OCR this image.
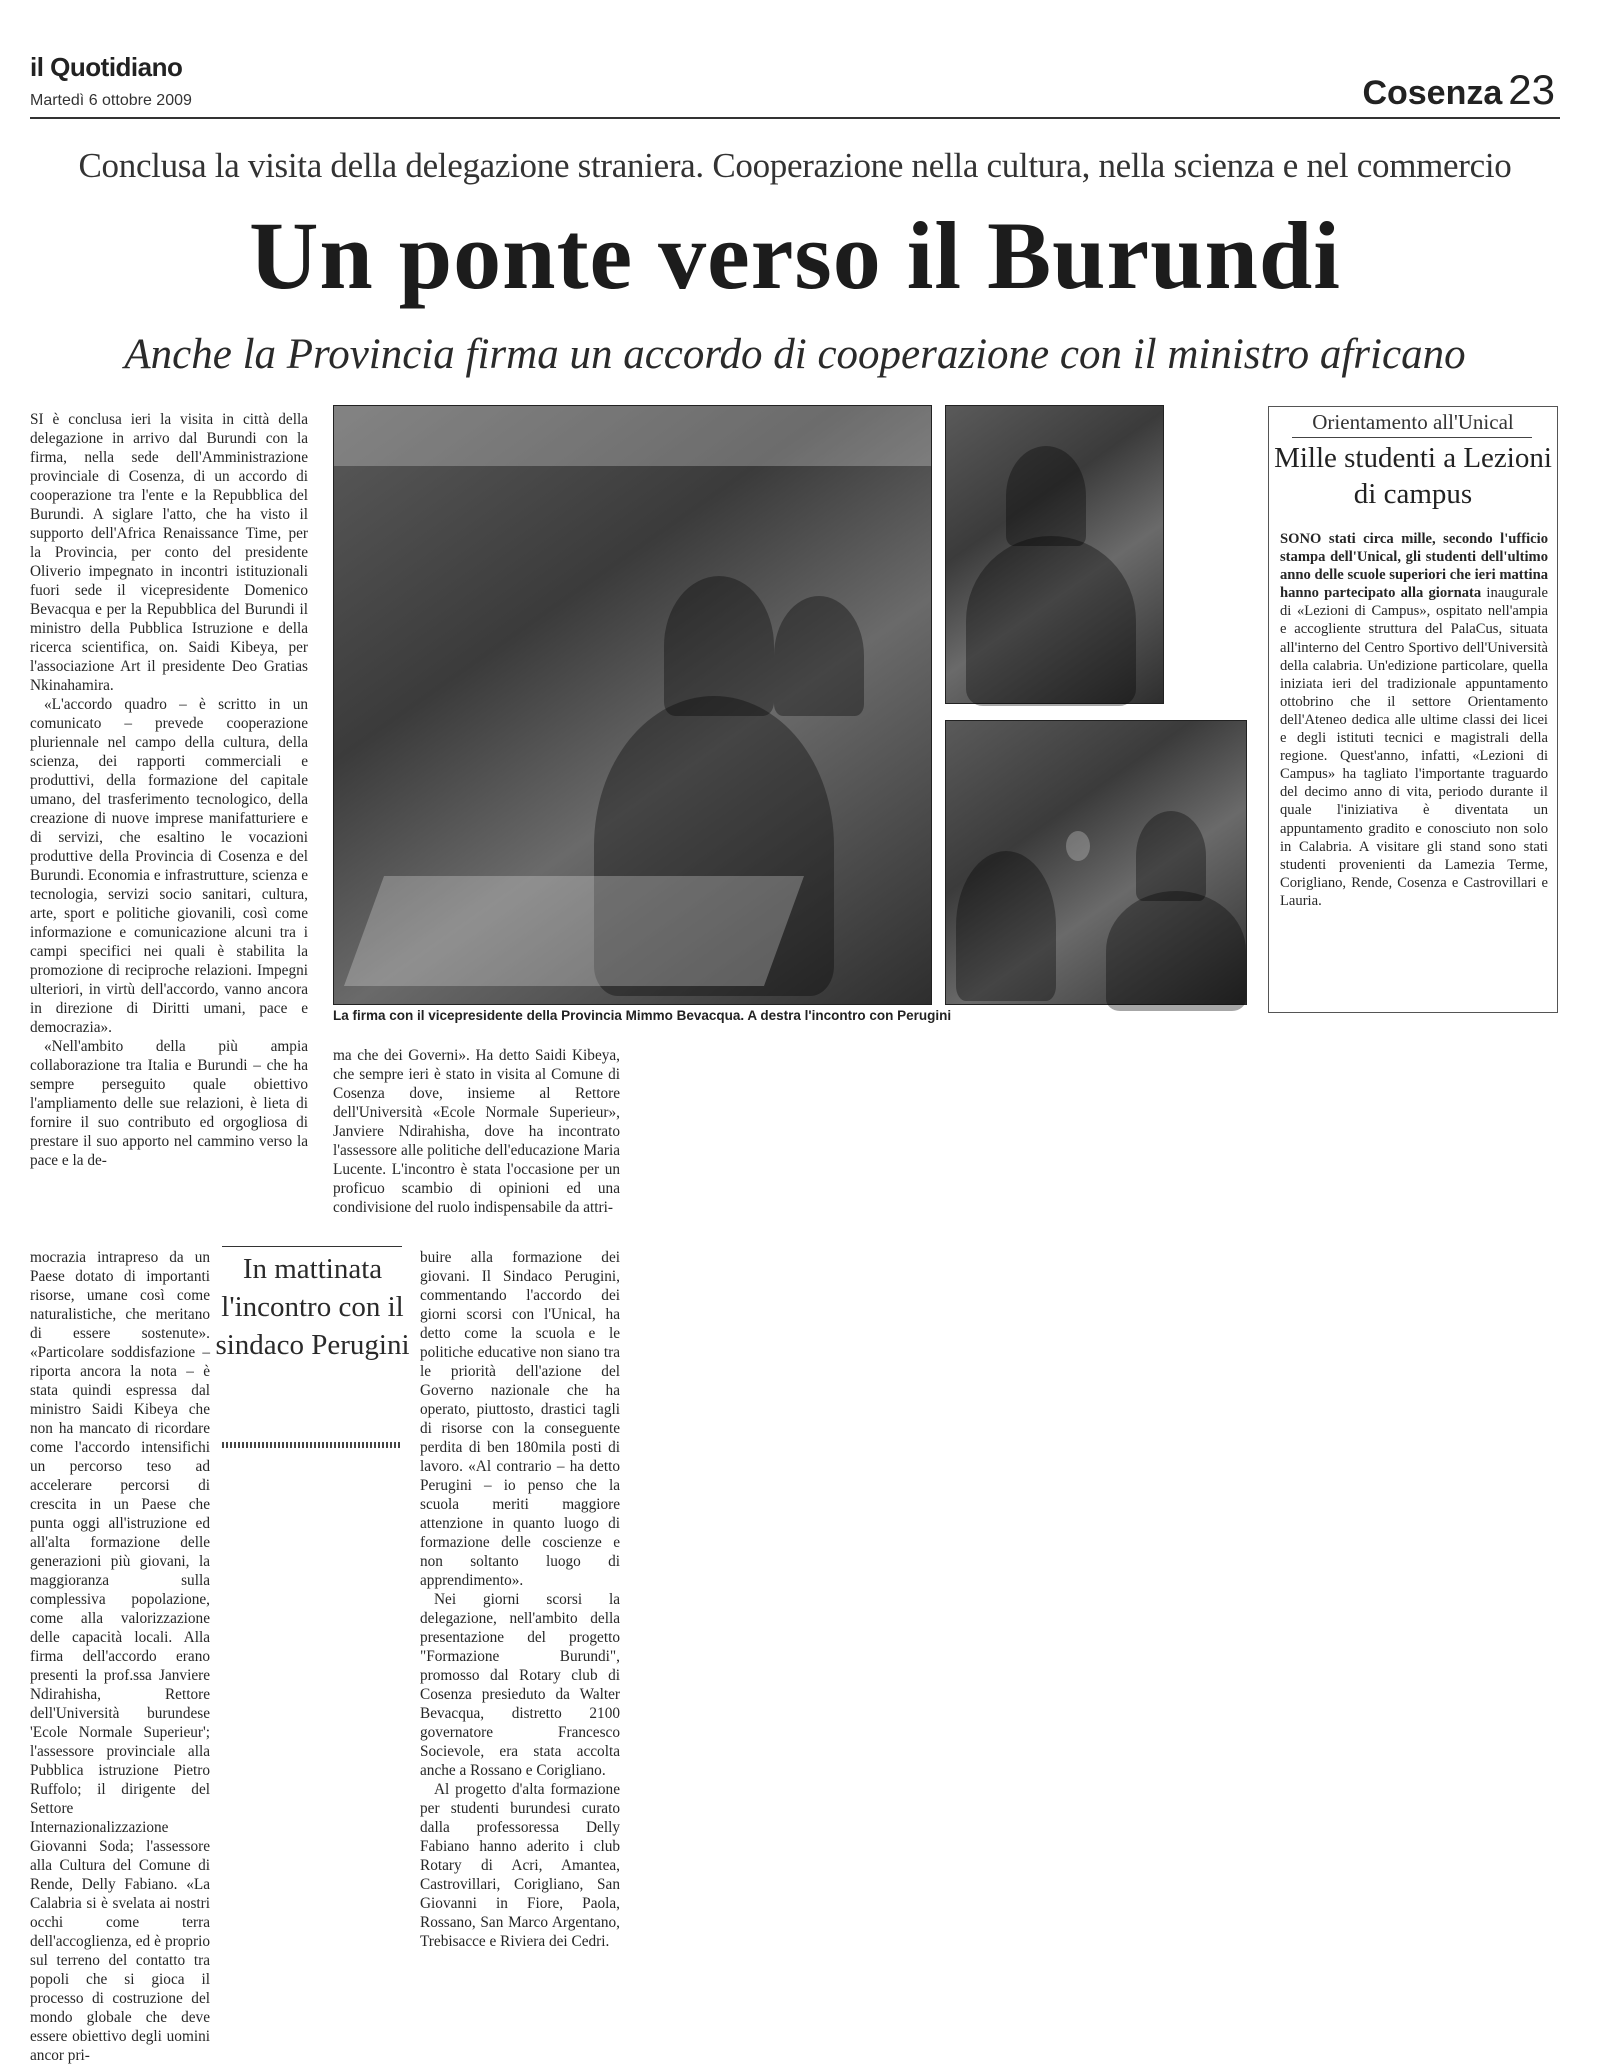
il Quotidiano
Martedì 6 ottobre 2009	Cosenza 23
Conclusa la visita della delegazione straniera. Cooperazione nella cultura, nella scienza e nel commercio
Un ponte verso il Burundi
Anche la Provincia firma un accordo di cooperazione con il ministro africano

SI è conclusa ieri la visita in città della delegazione in arrivo dal Burundi con la firma, nella sede dell'Amministrazione provinciale di Cosenza, di un accordo di cooperazione tra l'ente e la Repubblica del Burundi. A siglare l'atto, che ha visto il supporto dell'Africa Renaissance Time, per la Provincia, per conto del presidente Oliverio impegnato in incontri istituzionali fuori sede il vicepresidente Domenico Bevacqua e per la Repubblica del Burundi il ministro della Pubblica Istruzione e della ricerca scientifica, on. Saidi Kibeya, per l'associazione Art il presidente Deo Gratias Nkinahamira.

«L'accordo quadro – è scritto in un comunicato – prevede cooperazione pluriennale nel campo della cultura, della scienza, dei rapporti commerciali e produttivi, della formazione del capitale umano, del trasferimento tecnologico, della creazione di nuove imprese manifatturiere e di servizi, che esaltino le vocazioni produttive della Provincia di Cosenza e del Burundi. Economia e infrastrutture, scienza e tecnologia, servizi socio sanitari, cultura, arte, sport e politiche giovanili, così come informazione e comunicazione alcuni tra i campi specifici nei quali è stabilita la promozione di reciproche relazioni. Impegni ulteriori, in virtù dell'accordo, vanno ancora in direzione di Diritti umani, pace e democrazia».

«Nell'ambito della più ampia collaborazione tra Italia e Burundi – che ha sempre perseguito quale obiettivo l'ampliamento delle sue relazioni, è lieta di fornire il suo contributo ed orgogliosa di prestare il suo apporto nel cammino verso la pace e la de-

mocrazia intrapreso da un Paese dotato di importanti risorse, umane così come naturalistiche, che meritano di essere sostenute». «Particolare soddisfazione – riporta ancora la nota – è stata quindi espressa dal ministro Saidi Kibeya che non ha mancato di ricordare come l'accordo intensifichi un percorso teso ad accelerare percorsi di crescita in un Paese che punta oggi all'istruzione ed all'alta formazione delle generazioni più giovani, la maggioranza sulla complessiva popolazione, come alla valorizzazione delle capacità locali. Alla firma dell'accordo erano presenti la prof.ssa Janviere Ndirahisha, Rettore dell'Università burundese 'Ecole Normale Superieur'; l'assessore provinciale alla Pubblica istruzione Pietro Ruffolo; il dirigente del Settore Internazionalizzazione Giovanni Soda; l'assessore alla Cultura del Comune di Rende, Delly Fabiano. «La Calabria si è svelata ai nostri occhi come terra dell'accoglienza, ed è proprio sul terreno del contatto tra popoli che si gioca il processo di costruzione del mondo globale che deve essere obiettivo degli uomini ancor pri-

In mattinata l'incontro con il sindaco Perugini

ma che dei Governi». Ha detto Saidi Kibeya, che sempre ieri è stato in visita al Comune di Cosenza dove, insieme al Rettore dell'Università «Ecole Normale Superieur», Janviere Ndirahisha, dove ha incontrato l'assessore alle politiche dell'educazione Maria Lucente. L'incontro è stata l'occasione per un proficuo scambio di opinioni ed una condivisione del ruolo indispensabile da attri-

buire alla formazione dei giovani. Il Sindaco Perugini, commentando l'accordo dei giorni scorsi con l'Unical, ha detto come la scuola e le politiche educative non siano tra le priorità dell'azione del Governo nazionale che ha operato, piuttosto, drastici tagli di risorse con la conseguente perdita di ben 180mila posti di lavoro. «Al contrario – ha detto Perugini – io penso che la scuola meriti maggiore attenzione in quanto luogo di formazione delle coscienze e non soltanto luogo di apprendimento».

Nei giorni scorsi la delegazione, nell'ambito della presentazione del progetto "Formazione Burundi", promosso dal Rotary club di Cosenza presieduto da Walter Bevacqua, distretto 2100 governatore Francesco Socievole, era stata accolta anche a Rossano e Corigliano.

Al progetto d'alta formazione per studenti burundesi curato dalla professoressa Delly Fabiano hanno aderito i club Rotary di Acri, Amantea, Castrovillari, Corigliano, San Giovanni in Fiore, Paola, Rossano, San Marco Argentano, Trebisacce e Riviera dei Cedri.

La firma con il vicepresidente della Provincia Mimmo Bevacqua. A destra l'incontro con Perugini
Orientamento all'Unical
Mille studenti a Lezioni di campus
SONO stati circa mille, secondo l'ufficio stampa dell'Unical, gli studenti dell'ultimo anno delle scuole superiori che ieri mattina hanno partecipato alla giornata inaugurale di «Lezioni di Campus», ospitato nell'ampia e accogliente struttura del PalaCus, situata all'interno del Centro Sportivo dell'Università della calabria. Un'edizione particolare, quella iniziata ieri del tradizionale appuntamento ottobrino che il settore Orientamento dell'Ateneo dedica alle ultime classi dei licei e degli istituti tecnici e magistrali della regione. Quest'anno, infatti, «Lezioni di Campus» ha tagliato l'importante traguardo del decimo anno di vita, periodo durante il quale l'iniziativa è diventata un appuntamento gradito e conosciuto non solo in Calabria. A visitare gli stand sono stati studenti provenienti da Lamezia Terme, Corigliano, Rende, Cosenza e Castrovillari e Lauria.
